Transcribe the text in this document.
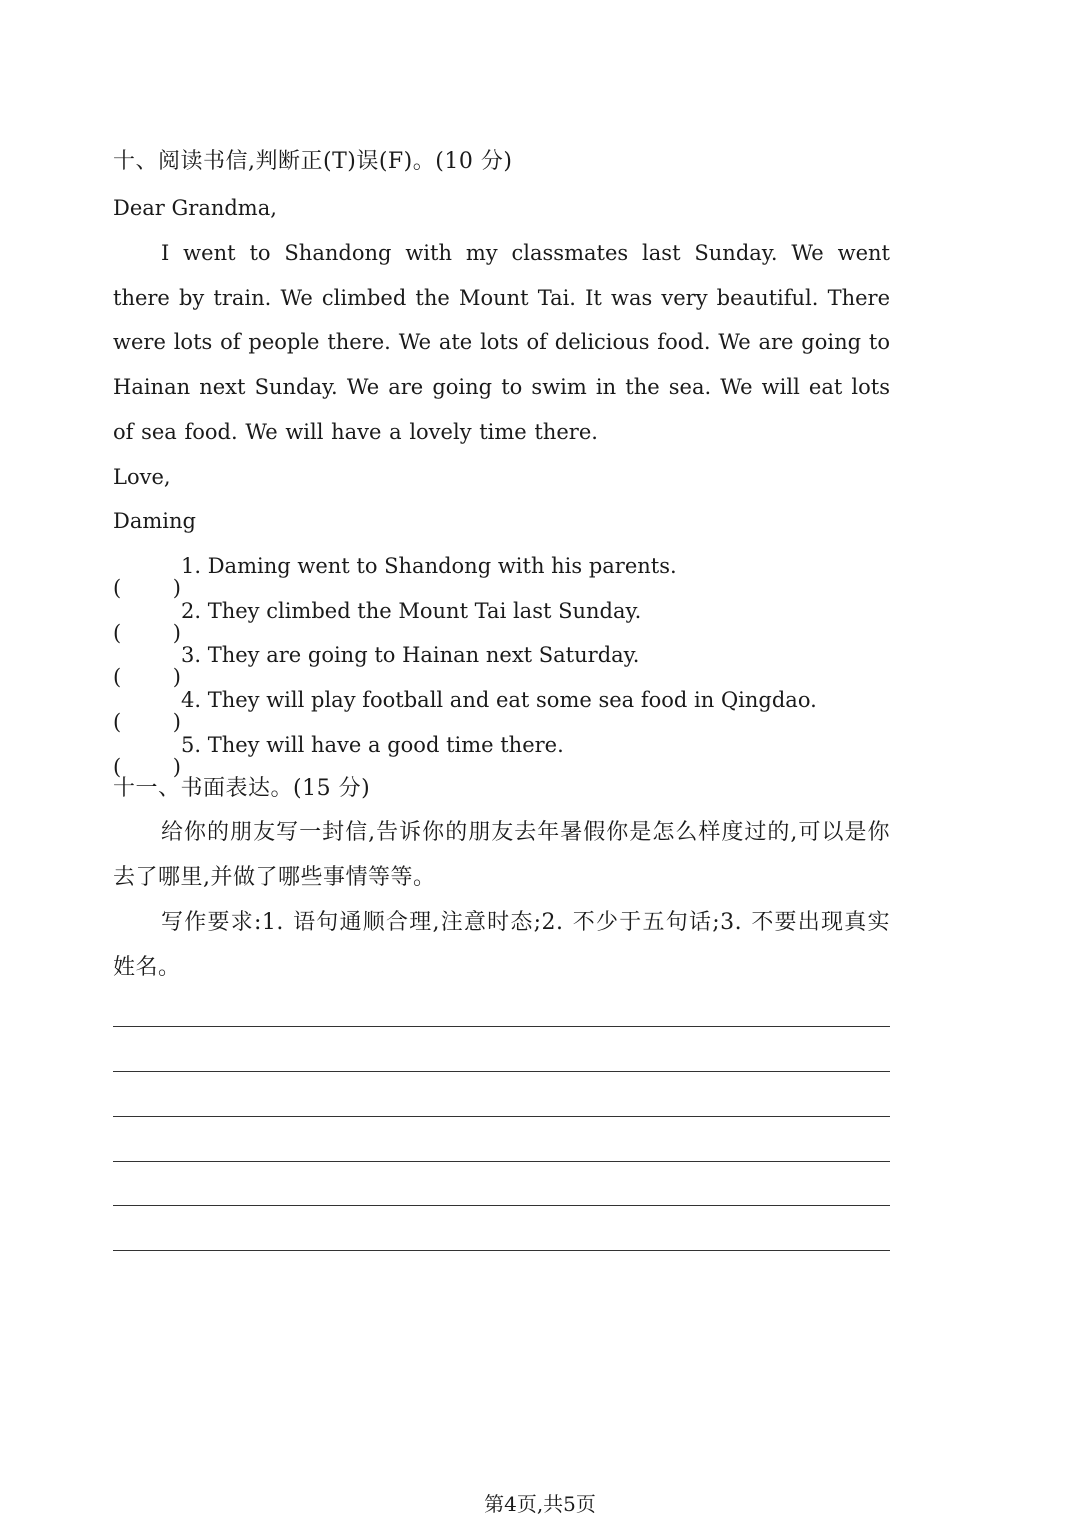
十、阅读书信,判断正(T)误(F)。(10 分)
Dear Grandma,
I went to Shandong with my classmates last Sunday. We went there by train. We climbed the Mount Tai. It was very beautiful. There were lots of people there. We ate lots of delicious food. We are going to Hainan next Sunday. We are going to swim in the sea. We will eat lots of sea food. We will have a lovely time there.
Love,
Daming
( )
1. Daming went to Shandong with his parents.
( )
2. They climbed the Mount Tai last Sunday.
( )
3. They are going to Hainan next Saturday.
( )
4. They will play football and eat some sea food in Qingdao.
( )
5. They will have a good time there.
十一、书面表达。(15 分)
给你的朋友写一封信,告诉你的朋友去年暑假你是怎么样度过的,可以是你去了哪里,并做了哪些事情等等。
写作要求:1. 语句通顺合理,注意时态;2. 不少于五句话;3. 不要出现真实姓名。
第4页,共5页
